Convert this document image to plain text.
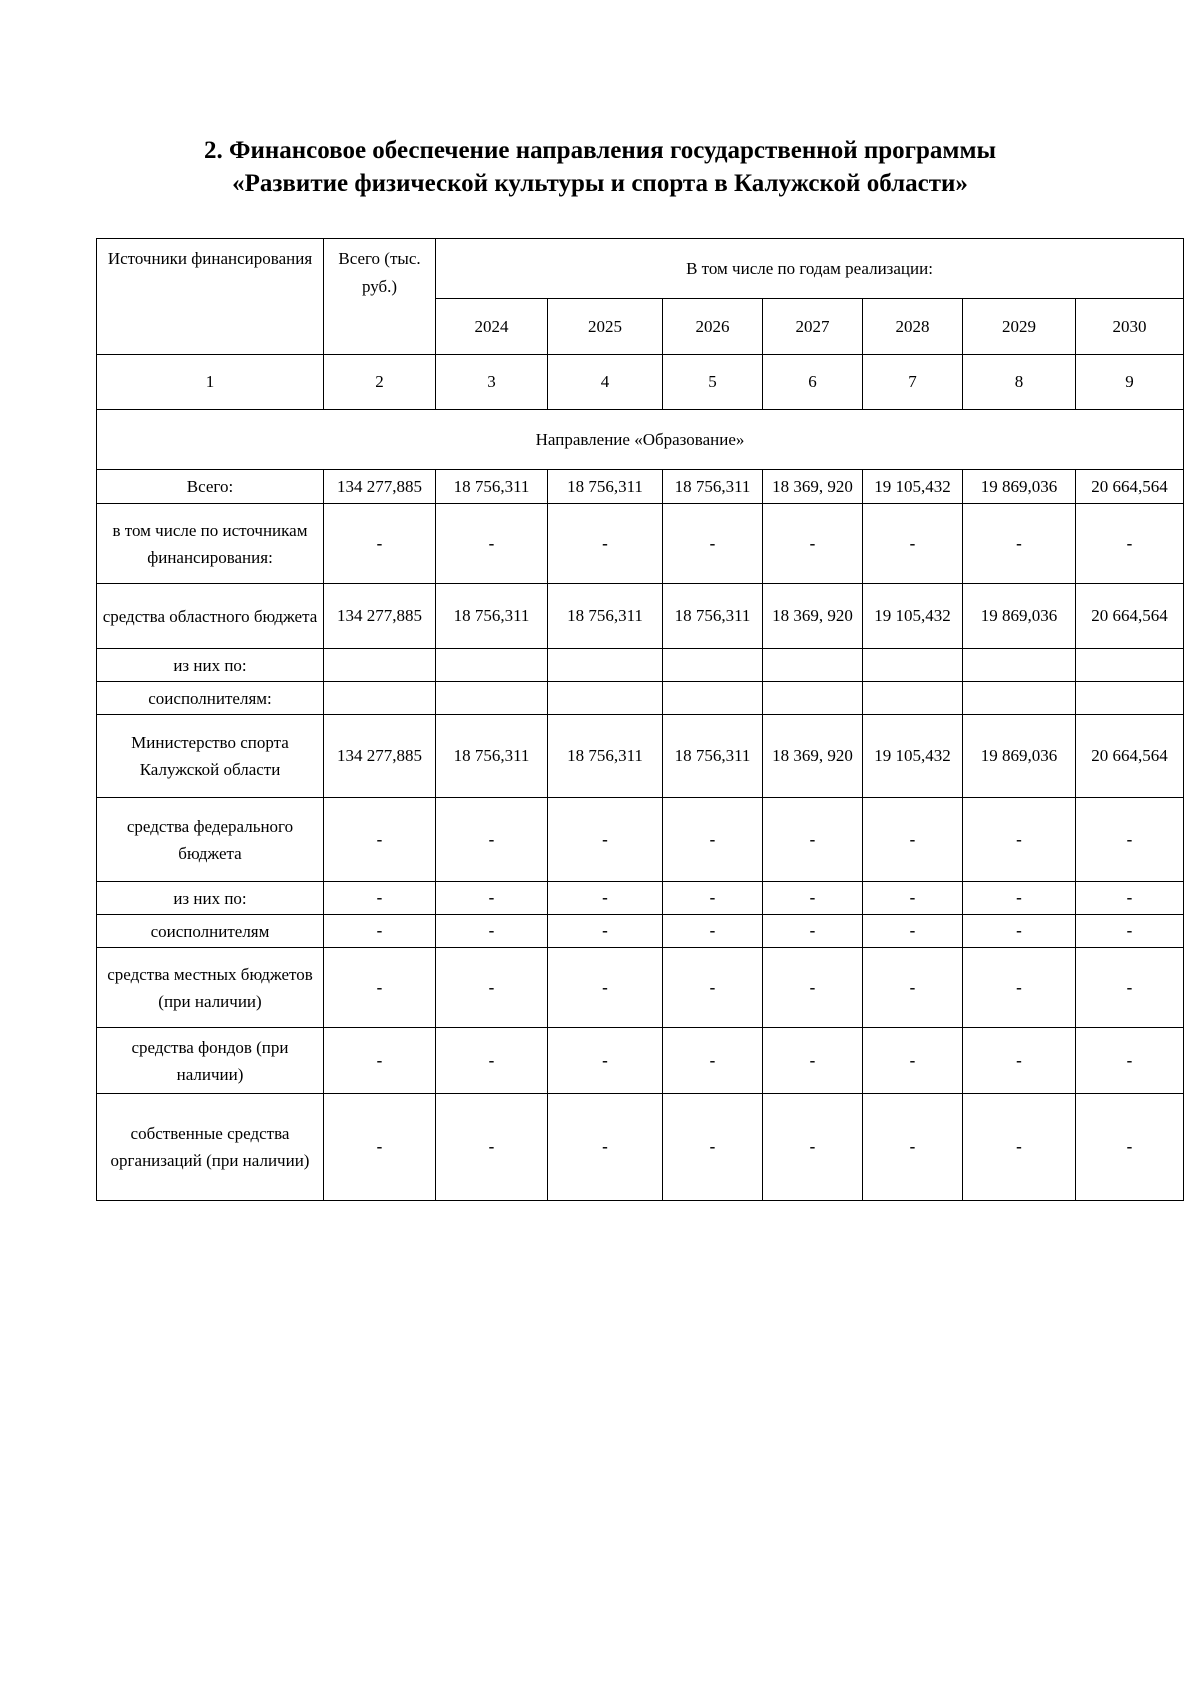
2. Финансовое обеспечение направления государственной программы
«Развитие физической культуры и спорта в Калужской области»
Источники финансирования	Всего (тыс. руб.)	В том числе по годам реализации:						
		2024	2025	2026	2027	2028	2029	2030
1	2	3	4	5	6	7	8	9
Направление «Образование»								
Всего:	134 277,885	18 756,311	18 756,311	18 756,311	18 369, 920	19 105,432	19 869,036	20 664,564
в том числе по источникам финансирования:	-	-	-	-	-	-	-	-
средства областного бюджета	134 277,885	18 756,311	18 756,311	18 756,311	18 369, 920	19 105,432	19 869,036	20 664,564
из них по:								
соисполнителям:								
Министерство спорта Калужской области	134 277,885	18 756,311	18 756,311	18 756,311	18 369, 920	19 105,432	19 869,036	20 664,564
средства федерального бюджета	-	-	-	-	-	-	-	-
из них по:	-	-	-	-	-	-	-	-
соисполнителям	-	-	-	-	-	-	-	-
средства местных бюджетов (при наличии)	-	-	-	-	-	-	-	-
средства фондов (при наличии)	-	-	-	-	-	-	-	-
собственные средства организаций (при наличии)	-	-	-	-	-	-	-	-
